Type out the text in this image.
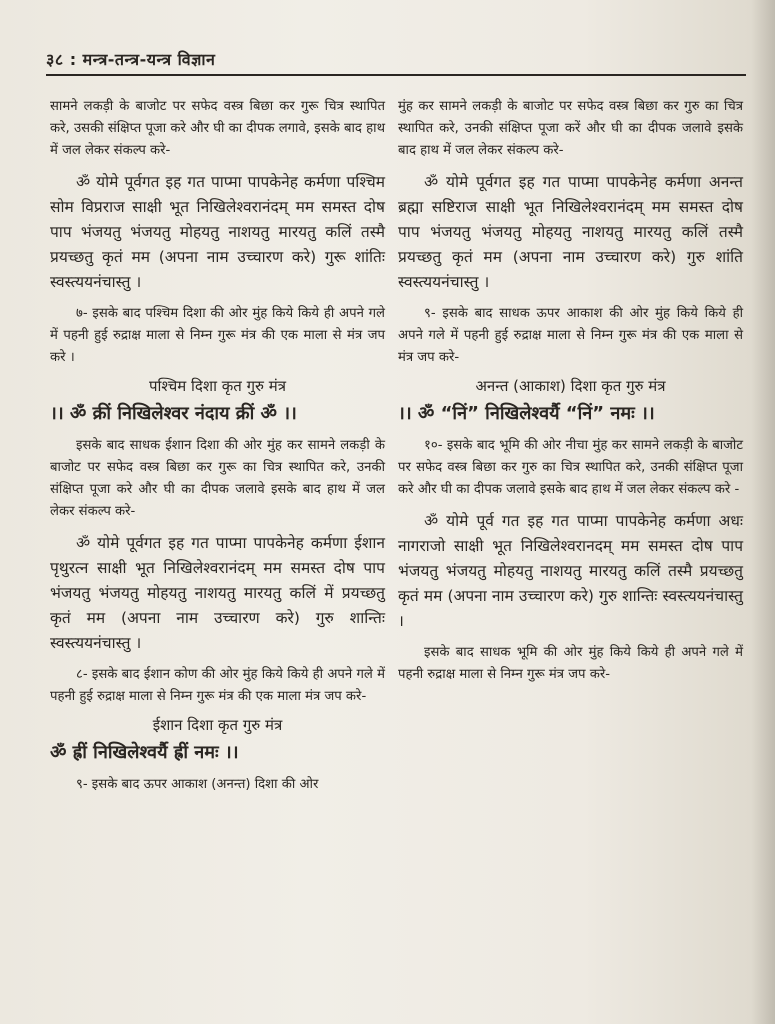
३८ : मन्त्र-तन्त्र-यन्त्र विज्ञान

सामने लकड़ी के बाजोट पर सफेद वस्त्र बिछा कर गुरू चित्र स्थापित करे, उसकी संक्षिप्त पूजा करे और घी का दीपक लगावे, इसके बाद हाथ में जल लेकर संकल्प करे-

ॐ योमे पूर्वगत इह गत पाप्मा पापकेनेह कर्मणा पश्चिम सोम विप्रराज साक्षी भूत निखिलेश्वरानंदम् मम समस्त दोष पाप भंजयतु भंजयतु मोहयतु नाशयतु मारयतु कलिं तस्मै प्रयच्छतु कृतं मम (अपना नाम उच्चारण करे) गुरू शांतिः स्वस्त्ययनंचास्तु ।

७- इसके बाद पश्चिम दिशा की ओर मुंह किये किये ही अपने गले में पहनी हुई रुद्राक्ष माला से निम्न गुरू मंत्र की एक माला से मंत्र जप करे ।

पश्चिम दिशा कृत गुरु मंत्र
।। ॐ क्रीं निखिलेश्वर नंदाय क्रीं ॐ ।।

इसके बाद साधक ईशान दिशा की ओर मुंह कर सामने लकड़ी के बाजोट पर सफेद वस्त्र बिछा कर गुरू का चित्र स्थापित करे, उनकी संक्षिप्त पूजा करे और घी का दीपक जलावे इसके बाद हाथ में जल लेकर संकल्प करे-

ॐ योमे पूर्वगत इह गत पाप्मा पापकेनेह कर्मणा ईशान पृथुरत्न साक्षी भूत निखिलेश्वरानंदम् मम समस्त दोष पाप भंजयतु भंजयतु मोहयतु नाशयतु मारयतु कलिं में प्रयच्छतु कृतं मम (अपना नाम उच्चारण करे) गुरु शान्तिः स्वस्त्ययनंचास्तु ।

८- इसके बाद ईशान कोण की ओर मुंह किये किये ही अपने गले में पहनी हुई रुद्राक्ष माला से निम्न गुरू मंत्र की एक माला मंत्र जप करे-

ईशान दिशा कृत गुरु मंत्र
ॐ ह्रीं निखिलेश्वर्यै ह्रीं नमः ।।

९- इसके बाद ऊपर आकाश (अनन्त) दिशा की ओर

मुंह कर सामने लकड़ी के बाजोट पर सफेद वस्त्र बिछा कर गुरु का चित्र स्थापित करे, उनकी संक्षिप्त पूजा करें और घी का दीपक जलावे इसके बाद हाथ में जल लेकर संकल्प करे-

ॐ योमे पूर्वगत इह गत पाप्मा पापकेनेह कर्मणा अनन्त ब्रह्मा सष्टिराज साक्षी भूत निखिलेश्वरानंदम् मम समस्त दोष पाप भंजयतु भंजयतु मोहयतु नाशयतु मारयतु कलिं तस्मै प्रयच्छतु कृतं मम (अपना नाम उच्चारण करे) गुरु शांति स्वस्त्ययनंचास्तु ।

९- इसके बाद साधक ऊपर आकाश की ओर मुंह किये किये ही अपने गले में पहनी हुई रुद्राक्ष माला से निम्न गुरू मंत्र की एक माला से मंत्र जप करे-

अनन्त (आकाश) दिशा कृत गुरु मंत्र
।। ॐ “निं” निखिलेश्वर्यै “निं” नमः ।।

१०- इसके बाद भूमि की ओर नीचा मुंह कर सामने लकड़ी के बाजोट पर सफेद वस्त्र बिछा कर गुरु का चित्र स्थापित करे, उनकी संक्षिप्त पूजा करे और घी का दीपक जलावे इसके बाद हाथ में जल लेकर संकल्प करे -

ॐ योमे पूर्व गत इह गत पाप्मा पापकेनेह कर्मणा अधः नागराजो साक्षी भूत निखिलेश्वरानदम् मम समस्त दोष पाप भंजयतु भंजयतु मोहयतु नाशयतु मारयतु कलिं तस्मै प्रयच्छतु कृतं मम (अपना नाम उच्चारण करे) गुरु शान्तिः स्वस्त्ययनंचास्तु ।

इसके बाद साधक भूमि की ओर मुंह किये किये ही अपने गले में पहनी रुद्राक्ष माला से निम्न गुरू मंत्र जप करे-
